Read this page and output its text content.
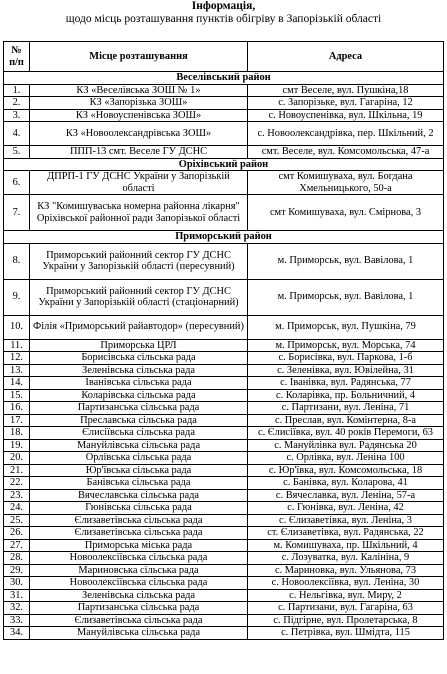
Інформація,
щодо місць розташування пунктів обігріву в Запорізькій області
№ п/п	Місце розташування	Адреса
Веселівський район		
1.	КЗ «Веселівська ЗОШ № 1»	смт Веселе, вул. Пушкіна,18
2.	КЗ «Запорізька ЗОШ»	с. Запорізьке, вул. Гагаріна, 12
3.	КЗ «Новоуспенівська ЗОШ»	с. Новоуспенівка, вул. Шкільна, 19
4.	КЗ «Новоолександрівська ЗОШ»	с. Новоолександрівка, пер. Шкільний, 2
5.	ППП-13 смт. Веселе ГУ ДСНС	смт. Веселе, вул. Комсомольська, 47-а
Оріхівський район		
6.	ДПРП-1 ГУ ДСНС України у Запорізькій області	смт Комишуваха, вул. Богдана Хмельницького, 50-а
7.	КЗ "Комишуваська номерна районна лікарня" Оріхівської районної ради Запорізької області	смт Комишуваха, вул. Смірнова, 3
Приморський район		
8.	Приморський районний сектор ГУ ДСНС України у Запорізькій області (пересувний)	м. Приморськ, вул. Вавілова, 1
9.	Приморський районний сектор ГУ ДСНС України у Запорізькій області (стаціонарний)	м. Приморськ, вул. Вавілова, 1
10.	Філія «Приморський райавтодор» (пересувний)	м. Приморськ, вул. Пушкіна, 79
11.	Приморська ЦРЛ	м. Приморськ, вул. Морська, 74
12.	Борисівська сільська рада	с. Борисівка, вул. Паркова, 1-б
13.	Зеленівська сільська рада	с. Зеленівка, вул. Ювілейна, 31
14.	Іванівська сільська рада	с. Іванівка, вул. Радянська, 77
15.	Коларівська сільська рада	с. Коларівка, пр. Больничний, 4
16.	Партизанська сільська рада	с. Партизани, вул. Леніна, 71
17.	Преславська сільська рада	с. Преслав, вул. Комінтерна, 8-а
18.	Єлисіївська сільська рада	с. Єлисіївка, вул. 40 років Перемоги, 63
19.	Мануйлівська сільська рада	с. Мануйлівка вул. Радянська 20
20.	Орлівська сільська рада	с. Орлівка, вул. Леніна 100
21.	Юр'ївська сільська рада	с. Юр'ївка, вул. Комсомольська, 18
22.	Банівська сільська рада	с. Банівка, вул. Коларова, 41
23.	Вячеславська сільська рада	с. Вячеславка, вул. Леніна, 57-а
24.	Гюнівська сільська рада	с. Гюнівка, вул. Леніна, 42
25.	Єлизаветівська сільська рада	с. Єлизаветівка, вул. Леніна, 3
26.	Єлизаветівська сільська рада	ст. Єлизаветівка, вул. Радянська, 22
27.	Приморська міська рада	м. Комишуваха, пр. Шкільний, 4
28.	Новоолексіївська сільська рада	с. Лозуватка, вул. Калініна, 9
29.	Мариновська сільська рада	с. Мариновка, вул. Ульянова, 73
30.	Новоолексіївська сільська рада	с. Новоолексіївка, вул. Леніна, 30
31.	Зеленівська сільська рада	с. Нельгівка, вул. Миру, 2
32.	Партизанська сільська рада	с. Партизани, вул. Гагаріна, 63
33.	Єлизаветівська сільська рада	с. Підгірне, вул. Пролетарська, 8
34.	Мануйлівська сільська рада	с. Петрівка, вул. Шмідта, 115
